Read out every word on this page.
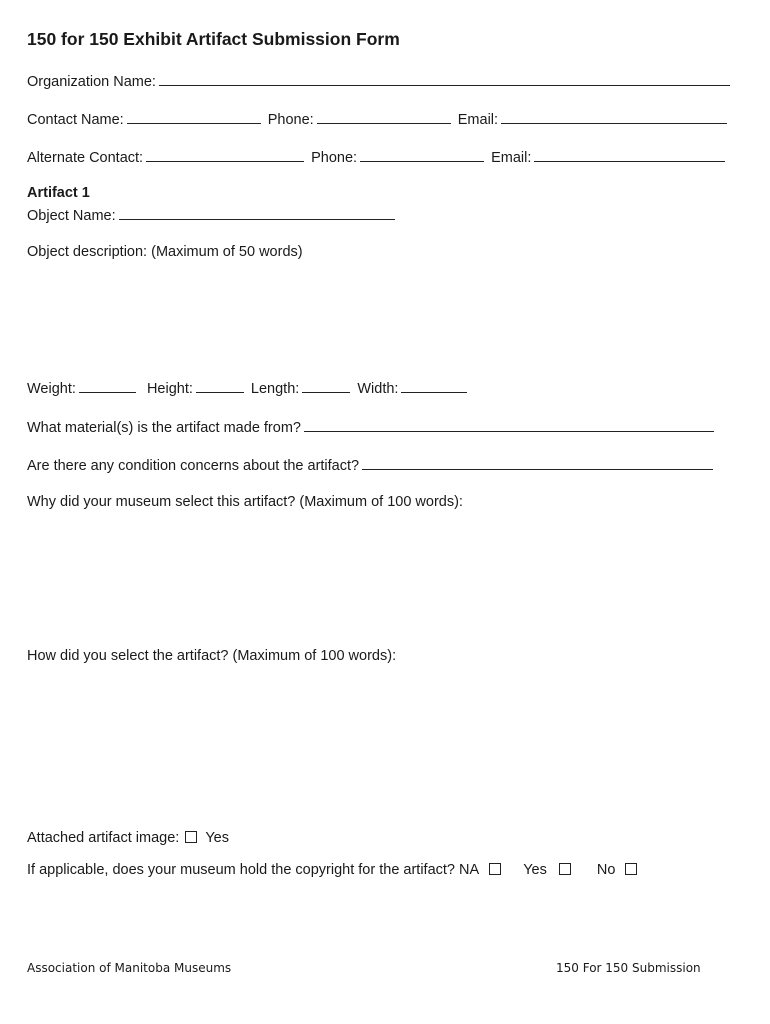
150 for 150 Exhibit Artifact Submission Form
Organization Name:
Contact Name:	Phone:	Email:
Alternate Contact:	Phone:	Email:
Artifact 1
Object Name:
Object description: (Maximum of 50 words)
Weight:	Height:	Length:	Width:
What material(s) is the artifact made from?
Are there any condition concerns about the artifact?
Why did your museum select this artifact? (Maximum of 100 words):
How did you select the artifact? (Maximum of 100 words):
Attached artifact image: Yes
If applicable, does your museum hold the copyright for the artifact? NA	Yes	No
Association of Manitoba Museums	150 For 150 Submission
